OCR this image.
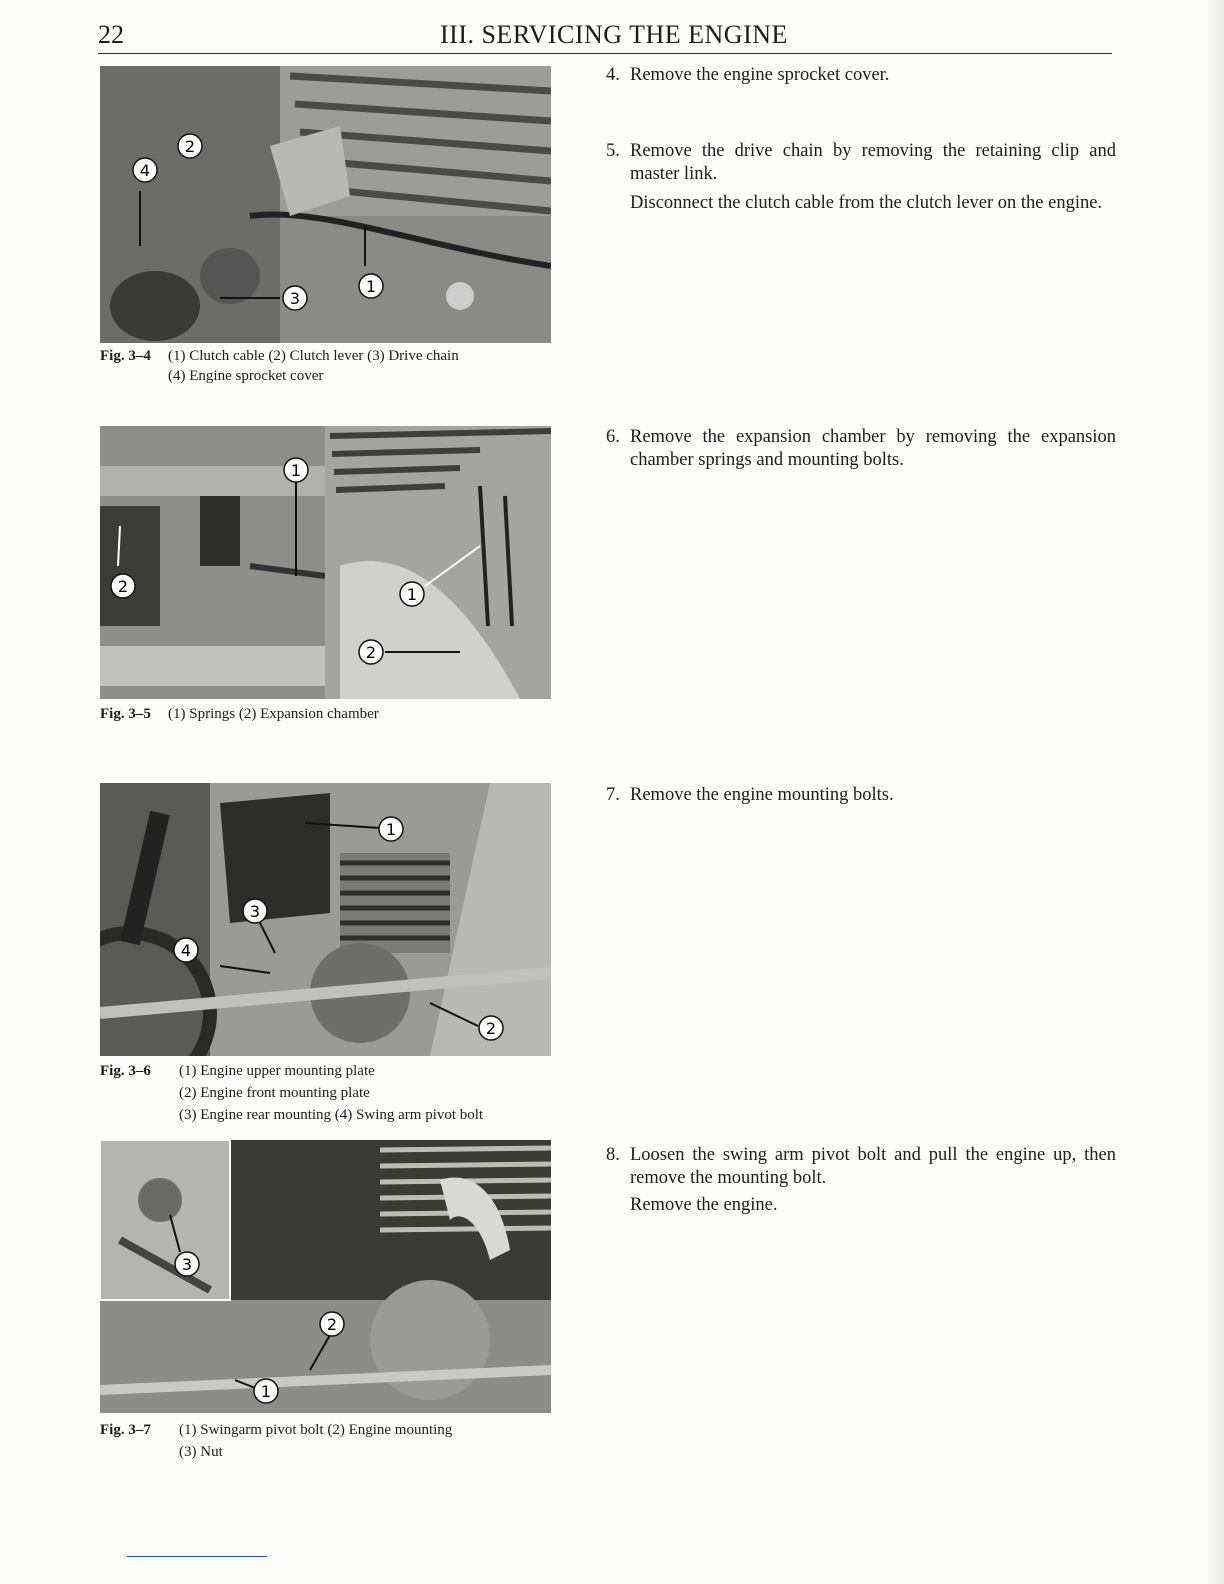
22	III. SERVICING THE ENGINE
1
2
3
4
Fig. 3–4 (1) Clutch cable (2) Clutch lever (3) Drive chain
(4) Engine sprocket cover
1
2	1
2
Fig. 3–5 (1) Springs (2) Expansion chamber
1
2
3
4
Fig. 3–6 (1) Engine upper mounting plate
(2) Engine front mounting plate
(3) Engine rear mounting (4) Swing arm pivot bolt
1
2
3
Fig. 3–7 (1) Swingarm pivot bolt (2) Engine mounting
(3) Nut
4. Remove the engine sprocket cover.
5. Remove the drive chain by removing the retaining clip and master link.
Disconnect the clutch cable from the clutch lever on the engine.
6. Remove the expansion chamber by removing the expansion chamber springs and mounting bolts.
7. Remove the engine mounting bolts.
8. Loosen the swing arm pivot bolt and pull the engine up, then remove the mounting bolt.
Remove the engine.
